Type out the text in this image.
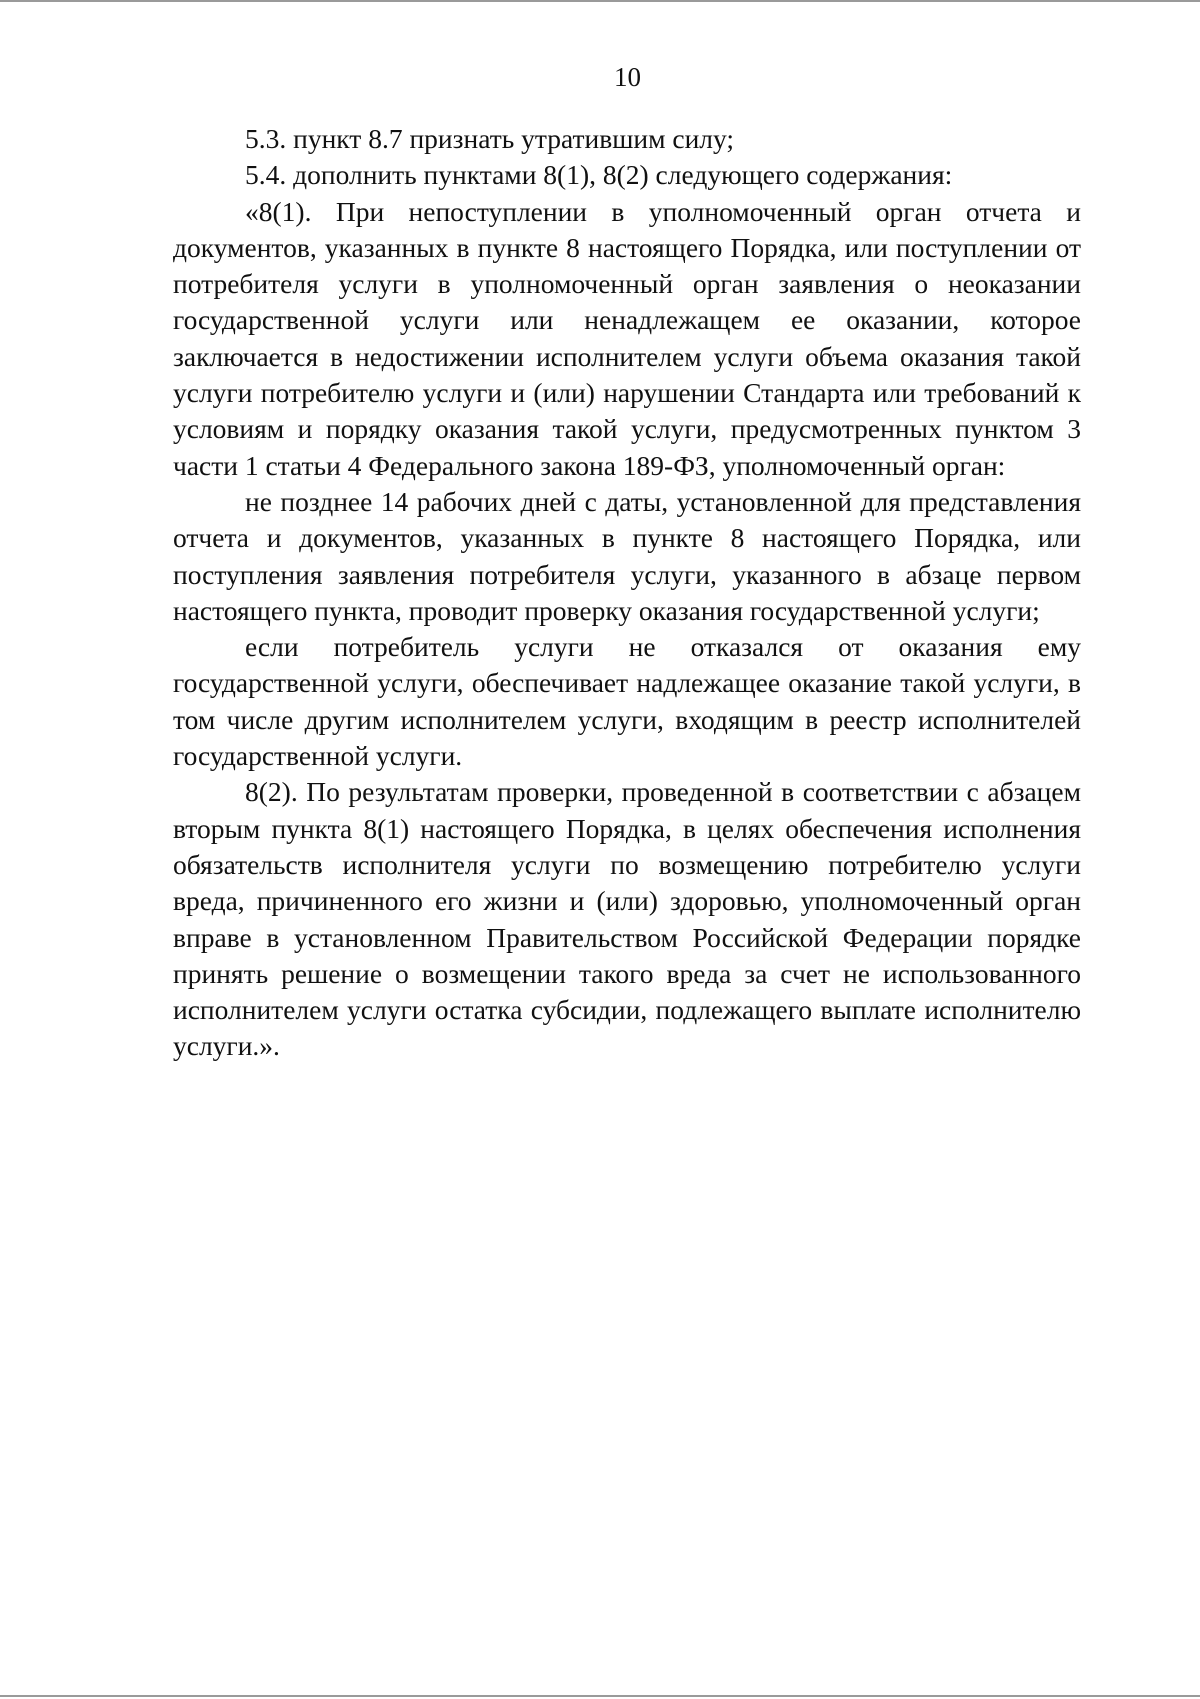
10

5.3. пункт 8.7 признать утратившим силу;

5.4. дополнить пунктами 8(1), 8(2) следующего содержания:

«8(1). При непоступлении в уполномоченный орган отчета и документов, указанных в пункте 8 настоящего Порядка, или поступлении от потребителя услуги в уполномоченный орган заявления о неоказании государственной услуги или ненадлежащем ее оказании, которое заключается в недостижении исполнителем услуги объема оказания такой услуги потребителю услуги и (или) нарушении Стандарта или требований к условиям и порядку оказания такой услуги, предусмотренных пунктом 3 части 1 статьи 4 Федерального закона 189-ФЗ, уполномоченный орган:

не позднее 14 рабочих дней с даты, установленной для представления отчета и документов, указанных в пункте 8 настоящего Порядка, или поступления заявления потребителя услуги, указанного в абзаце первом настоящего пункта, проводит проверку оказания государственной услуги;

если потребитель услуги не отказался от оказания ему государственной услуги, обеспечивает надлежащее оказание такой услуги, в том числе другим исполнителем услуги, входящим в реестр исполнителей государственной услуги.

8(2). По результатам проверки, проведенной в соответствии с абзацем вторым пункта 8(1) настоящего Порядка, в целях обеспечения исполнения обязательств исполнителя услуги по возмещению потребителю услуги вреда, причиненного его жизни и (или) здоровью, уполномоченный орган вправе в установленном Правительством Российской Федерации порядке принять решение о возмещении такого вреда за счет не использованного исполнителем услуги остатка субсидии, подлежащего выплате исполнителю услуги.».
